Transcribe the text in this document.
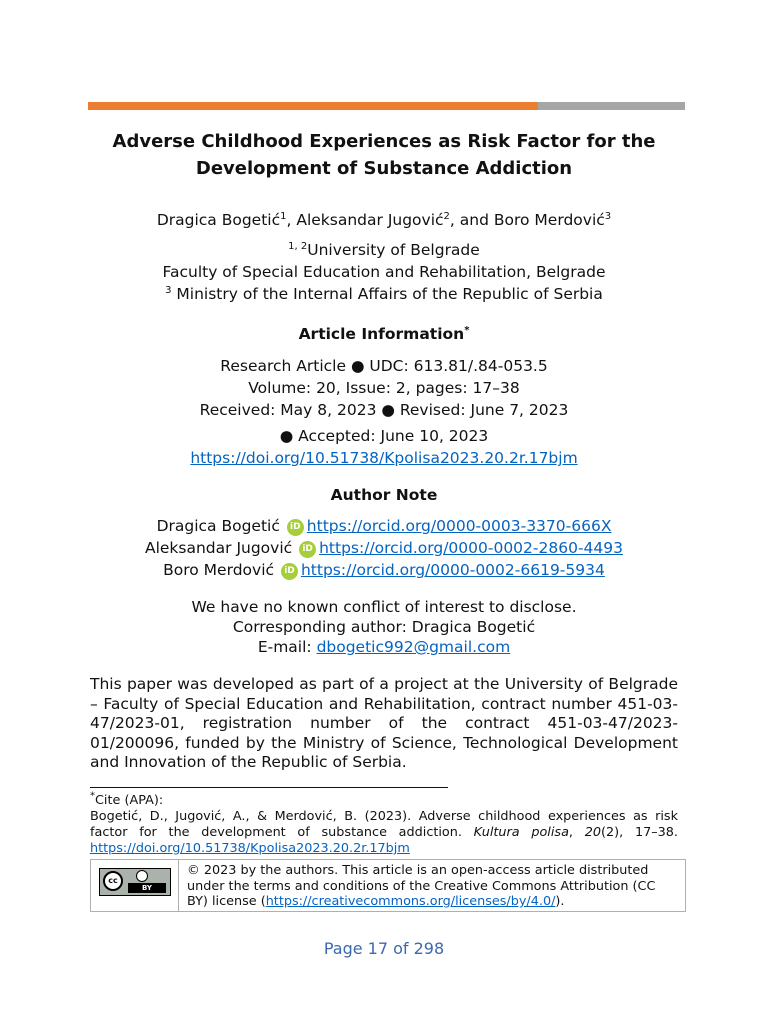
Adverse Childhood Experiences as Risk Factor for the
Development of Substance Addiction
Dragica Bogetić$^1$, Aleksandar Jugović$^2$, and Boro Merdović$^3$
$^{1, 2}$University of Belgrade
Faculty of Special Education and Rehabilitation, Belgrade
$^3$ Ministry of the Internal Affairs of the Republic of Serbia
Article Information*
Research Article ● UDC: 613.81/.84-053.5
Volume: 20, Issue: 2, pages: 17–38
Received: May 8, 2023 ● Revised: June 7, 2023
● Accepted: June 10, 2023
https://doi.org/10.51738/Kpolisa2023.20.2r.17bjm
Author Note
Dragica Bogetić iD https://orcid.org/0000-0003-3370-666X
Aleksandar Jugović iD https://orcid.org/0000-0002-2860-4493
Boro Merdović iD https://orcid.org/0000-0002-6619-5934
We have no known conflict of interest to disclose.
Corresponding author: Dragica Bogetić
E-mail: dbogetic992@gmail.com
This paper was developed as part of a project at the University of Belgrade – Faculty of Special Education and Rehabilitation, contract number 451-03-47/2023-01, registration number of the contract 451-03-47/2023-01/200096, funded by the Ministry of Science, Technological Development and Innovation of the Republic of Serbia.
*Cite (APA):
Bogetić, D., Jugović, A., & Merdović, B. (2023). Adverse childhood experiences as risk factor for the development of substance addiction. Kultura polisa, 20(2), 17–38. https://doi.org/10.51738/Kpolisa2023.20.2r.17bjm
cc
BY
© 2023 by the authors. This article is an open-access article distributed under the terms and conditions of the Creative Commons Attribution (CC BY) license (https://creativecommons.org/licenses/by/4.0/).
Page 17 of 298
